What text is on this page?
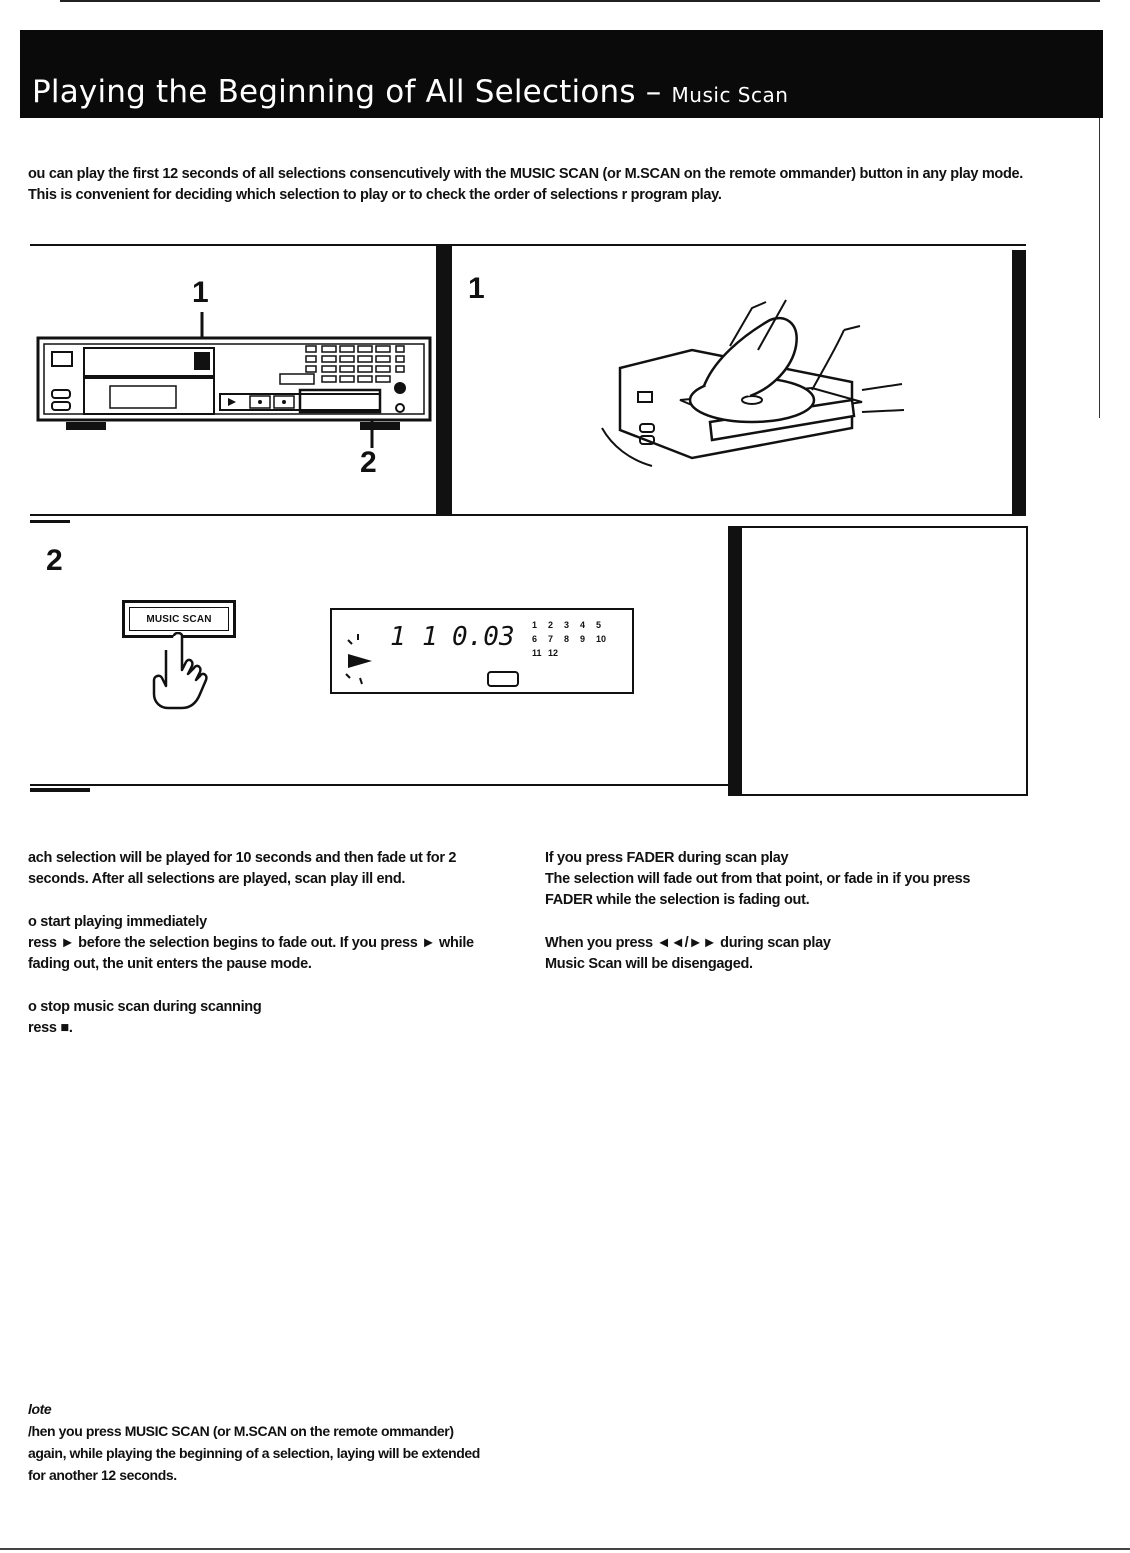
Playing the Beginning of All Selections – Music Scan
ou can play the first 12 seconds of all selections consencutively with the MUSIC SCAN (or M.SCAN on the remote ommander) button in any play mode. This is convenient for deciding which selection to play or to check the order of selections r program play.
1
2
1
2
MUSIC SCAN
1 1 0.03 1 2 3 4 5
6 7 8 9 10
11 12

ach selection will be played for 10 seconds and then fade ut for 2 seconds. After all selections are played, scan play ill end.

o start playing immediately

ress ► before the selection begins to fade out. If you press ► while fading out, the unit enters the pause mode.

o stop music scan during scanning

ress ■.

If you press FADER during scan play

The selection will fade out from that point, or fade in if you press FADER while the selection is fading out.

When you press ◄◄/►► during scan play

Music Scan will be disengaged.

lote

/hen you press MUSIC SCAN (or M.SCAN on the remote ommander) again, while playing the beginning of a selection, laying will be extended for another 12 seconds.
